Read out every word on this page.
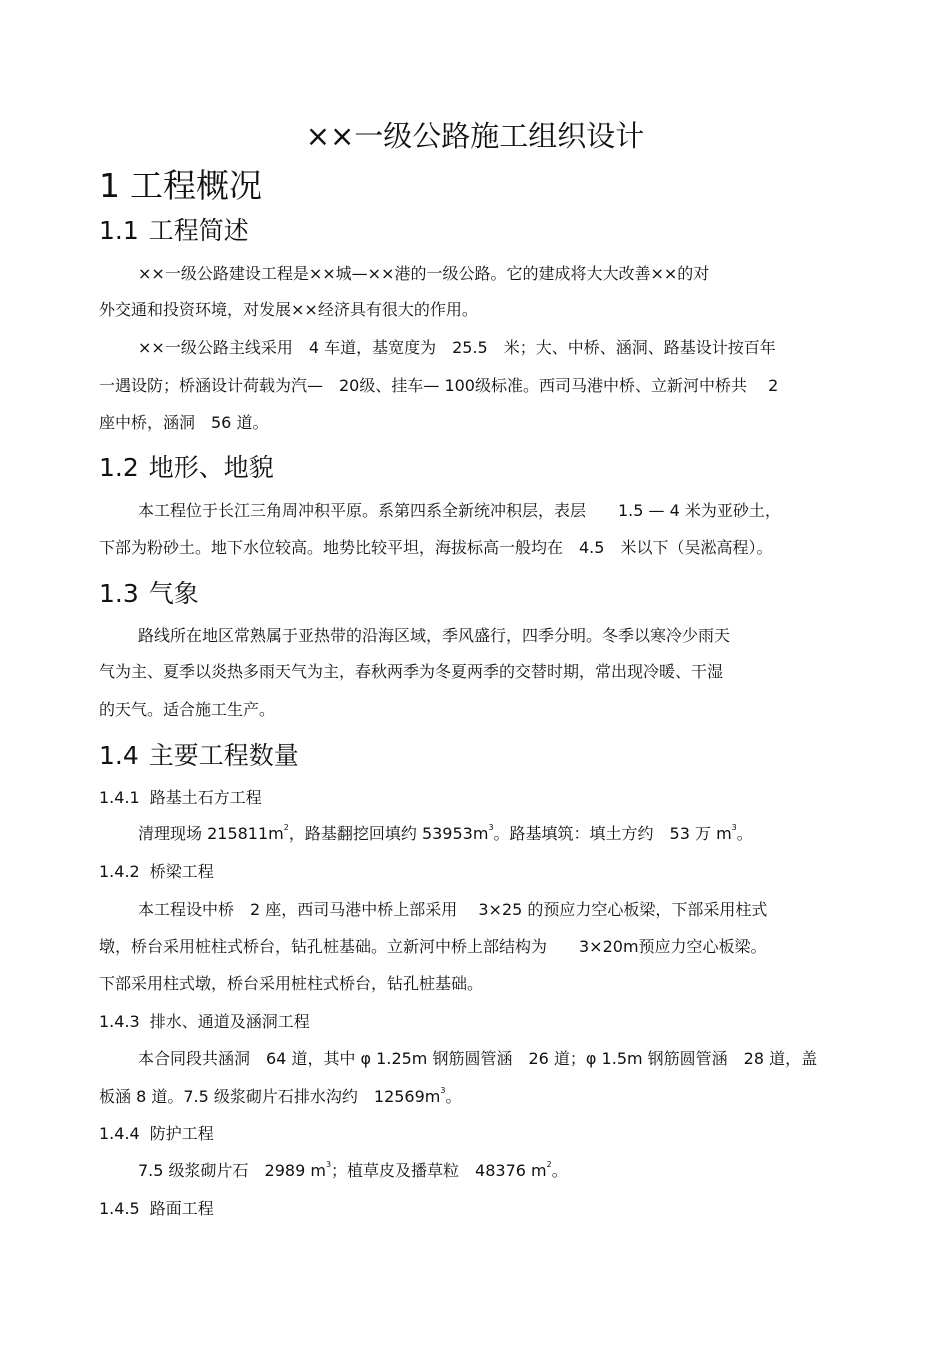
××一级公路施工组织设计
1 工程概况
1.1 工程简述
××一级公路建设工程是××城—××港的一级公路。它的建成将大大改善××的对
外交通和投资环境，对发展××经济具有很大的作用。
××一级公路主线采用　4 车道，基宽度为　25.5　米；大、中桥、涵洞、路基设计按百年
一遇设防；桥涵设计荷载为汽—　20级、挂车— 100级标准。西司马港中桥、立新河中桥共　 2
座中桥，涵洞　56 道。
1.2 地形、地貌
本工程位于长江三角周冲积平原。系第四系全新统冲积层，表层　　1.5 — 4 米为亚砂土，
下部为粉砂土。地下水位较高。地势比较平坦，海拔标高一般均在　4.5　米以下（吴淞高程）。
1.3 气象
路线所在地区常熟属于亚热带的沿海区域，季风盛行，四季分明。冬季以寒冷少雨天
气为主、夏季以炎热多雨天气为主，春秋两季为冬夏两季的交替时期，常出现冷暖、干湿
的天气。适合施工生产。
1.4 主要工程数量
1.4.1 路基土石方工程
清理现场 $215811m^2$，路基翻挖回填约 $53953m^3$。路基填筑：填土方约　53 万 $m^3$。
1.4.2 桥梁工程
本工程设中桥　2 座，西司马港中桥上部采用　 3×25 的预应力空心板梁，下部采用柱式
墩，桥台采用桩柱式桥台，钻孔桩基础。立新河中桥上部结构为　　3×20m预应力空心板梁。
下部采用柱式墩，桥台采用桩柱式桥台，钻孔桩基础。
1.4.3 排水、通道及涵洞工程
本合同段共涵洞　64 道，其中 φ 1.25m 钢筋圆管涵　26 道；φ 1.5m 钢筋圆管涵　28 道，盖
板涵 8 道。7.5 级浆砌片石排水沟约　$12569m^3$。
1.4.4 防护工程
7.5 级浆砌片石　2989 $m^3$；植草皮及播草粒　48376 $m^2$。
1.4.5 路面工程
